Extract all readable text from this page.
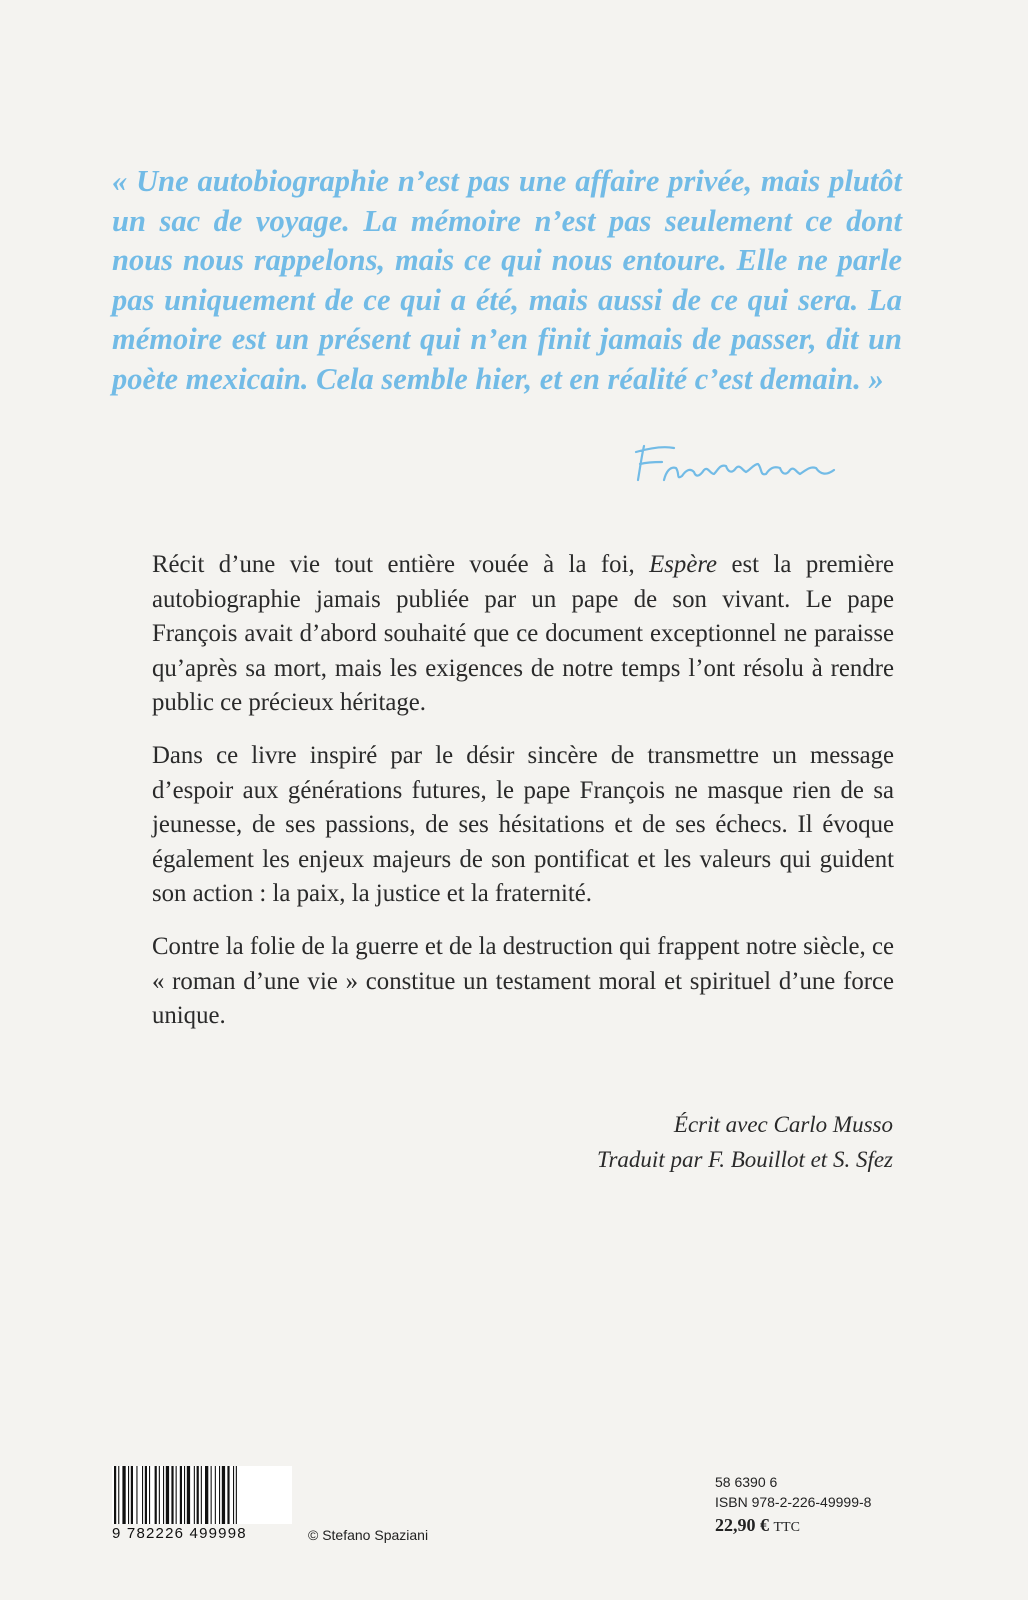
« Une autobiographie n’est pas une affaire privée, mais plutôt un sac de voyage. La mémoire n’est pas seulement ce dont nous nous rappelons, mais ce qui nous entoure. Elle ne parle pas uniquement de ce qui a été, mais aussi de ce qui sera. La mémoire est un présent qui n’en finit jamais de passer, dit un poète mexicain. Cela semble hier, et en réalité c’est demain. »

Récit d’une vie tout entière vouée à la foi, Espère est la première autobiographie jamais publiée par un pape de son vivant. Le pape François avait d’abord souhaité que ce document exceptionnel ne paraisse qu’après sa mort, mais les exigences de notre temps l’ont résolu à rendre public ce précieux héritage.

Dans ce livre inspiré par le désir sincère de transmettre un message d’espoir aux générations futures, le pape François ne masque rien de sa jeunesse, de ses passions, de ses hésitations et de ses échecs. Il évoque également les enjeux majeurs de son pontificat et les valeurs qui guident son action : la paix, la justice et la fraternité.

Contre la folie de la guerre et de la destruction qui frappent notre siècle, ce « roman d’une vie » constitue un testament moral et spirituel d’une force unique.

Écrit avec Carlo Musso
Traduit par F. Bouillot et S. Sfez
9 782226 499998	© Stefano Spaziani
58 6390 6
ISBN 978-2-226-49999-8
22,90 € TTC
